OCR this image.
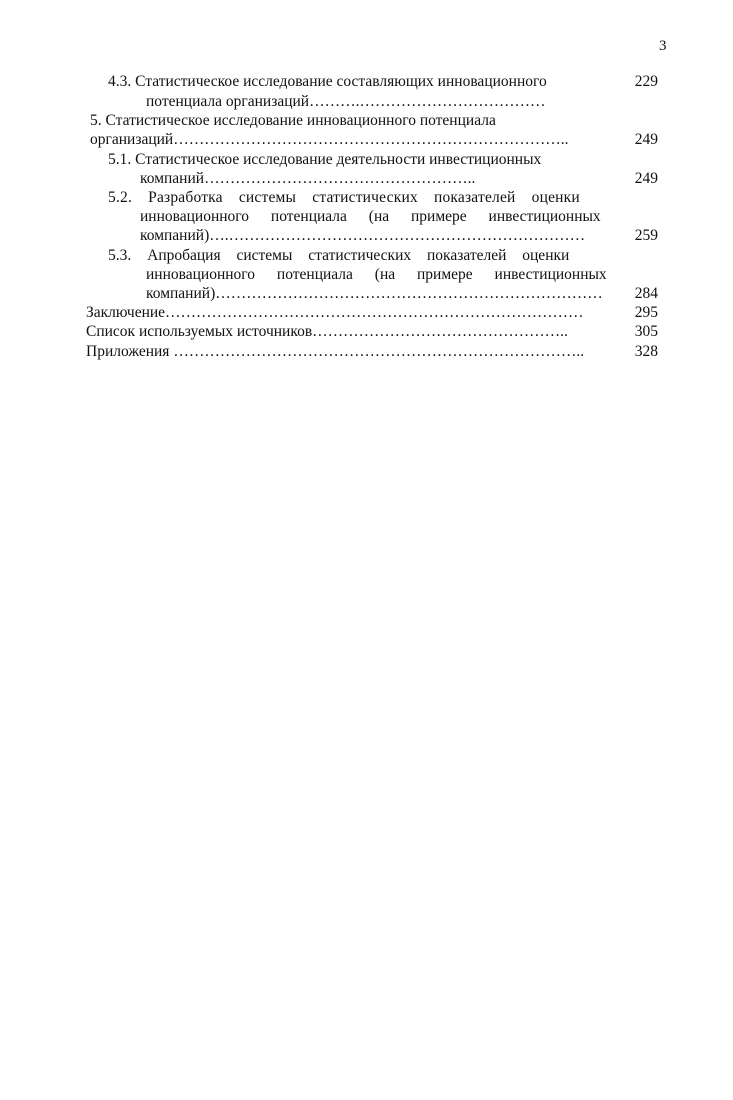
3
4.3. Статистическое исследование составляющих инновационного	229
потенциала организаций……….………………………………
5. Статистическое исследование инновационного потенциала
организаций…………………………………………………………………..	249
5.1. Статистическое исследование деятельности инвестиционных
компаний……………………………………………..	249
5.2. Разработка системы статистических показателей оценки
инновационного потенциала (на примере инвестиционных
компаний)….……………………………………………………………	259
5.3. Апробация системы статистических показателей оценки
инновационного потенциала (на примере инвестиционных
компаний)…………………………………………………………………	284
Заключение………………………………………………………………………	295
Список используемых источников…………………………………………..	305
Приложения ……………………………………………………………………..	328
